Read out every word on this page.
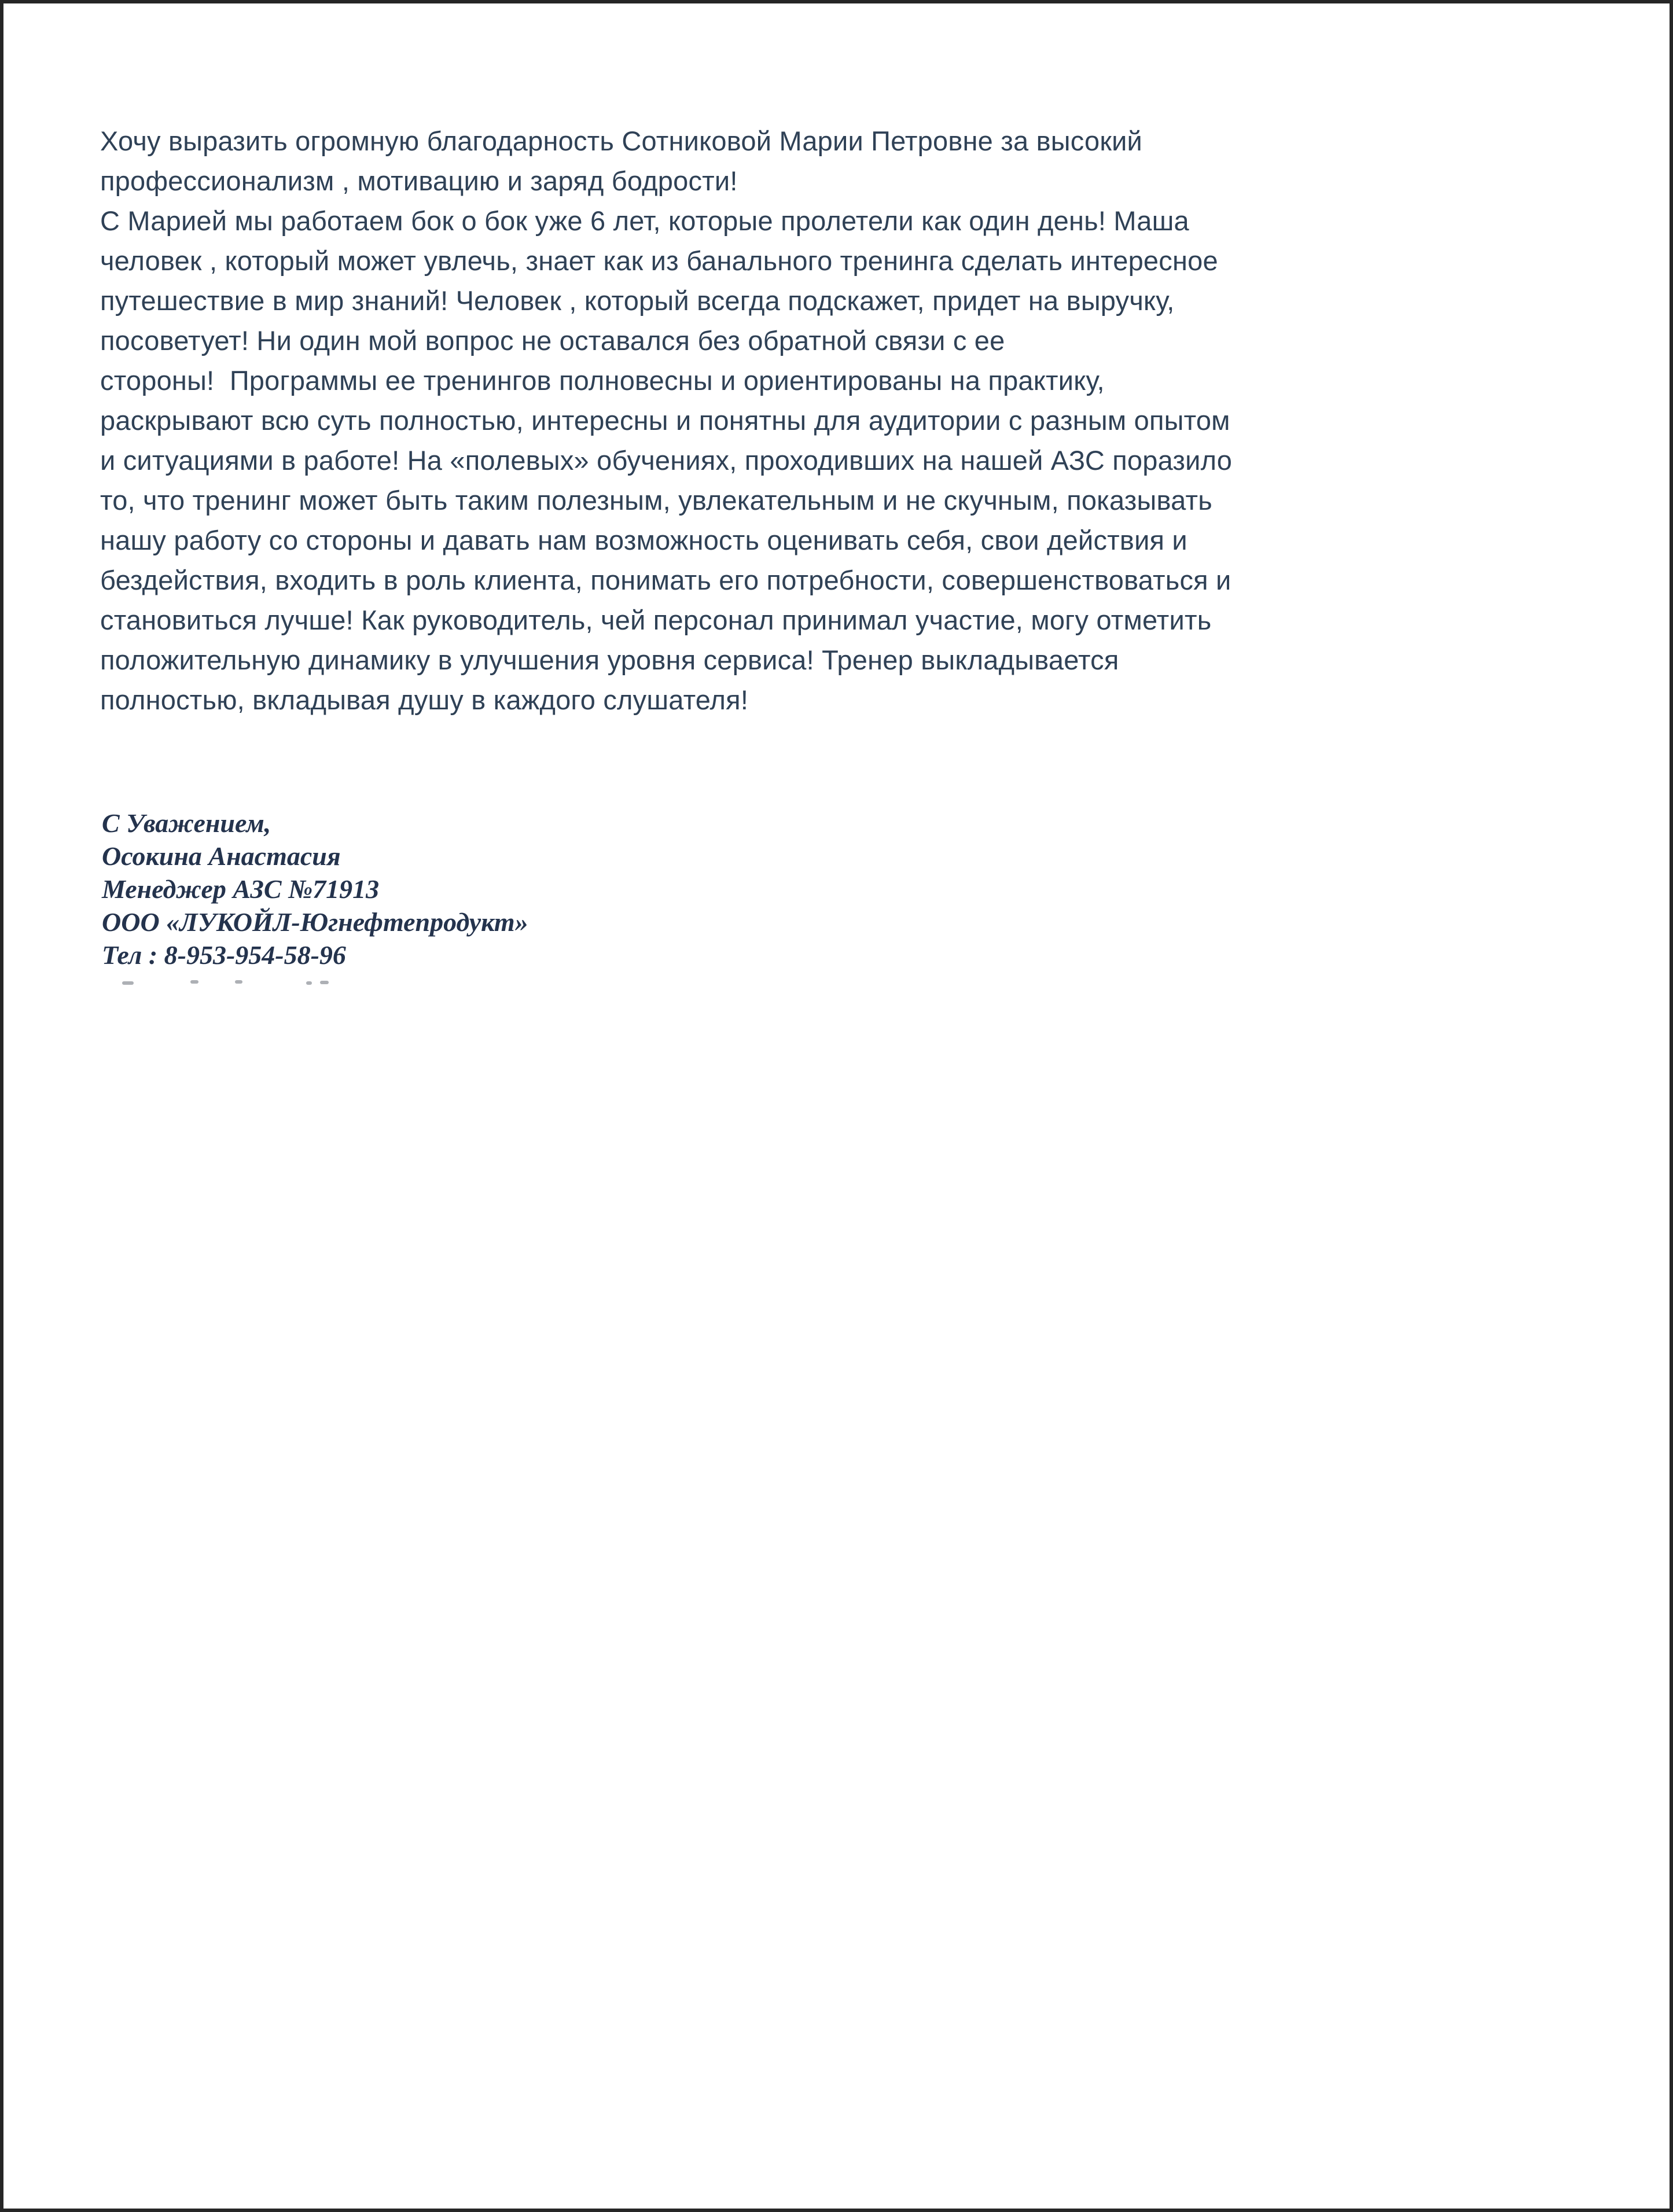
Хочу выразить огромную благодарность Сотниковой Марии Петровне за высокий
профессионализм , мотивацию и заряд бодрости!
С Марией мы работаем бок о бок уже 6 лет, которые пролетели как один день! Маша
человек , который может увлечь, знает как из банального тренинга сделать интересное
путешествие в мир знаний! Человек , который всегда подскажет, придет на выручку,
посоветует! Ни один мой вопрос не оставался без обратной связи с ее
стороны!  Программы ее тренингов полновесны и ориентированы на практику,
раскрывают всю суть полностью, интересны и понятны для аудитории с разным опытом
и ситуациями в работе! На «полевых» обучениях, проходивших на нашей АЗС поразило
то, что тренинг может быть таким полезным, увлекательным и не скучным, показывать
нашу работу со стороны и давать нам возможность оценивать себя, свои действия и
бездействия, входить в роль клиента, понимать его потребности, совершенствоваться и
становиться лучше! Как руководитель, чей персонал принимал участие, могу отметить
положительную динамику в улучшения уровня сервиса! Тренер выкладывается
полностью, вкладывая душу в каждого слушателя!
С Уважением,
Осокина Анастасия
Менеджер АЗС №71913
ООО «ЛУКОЙЛ-Югнефтепродукт»
Тел : 8-953-954-58-96
